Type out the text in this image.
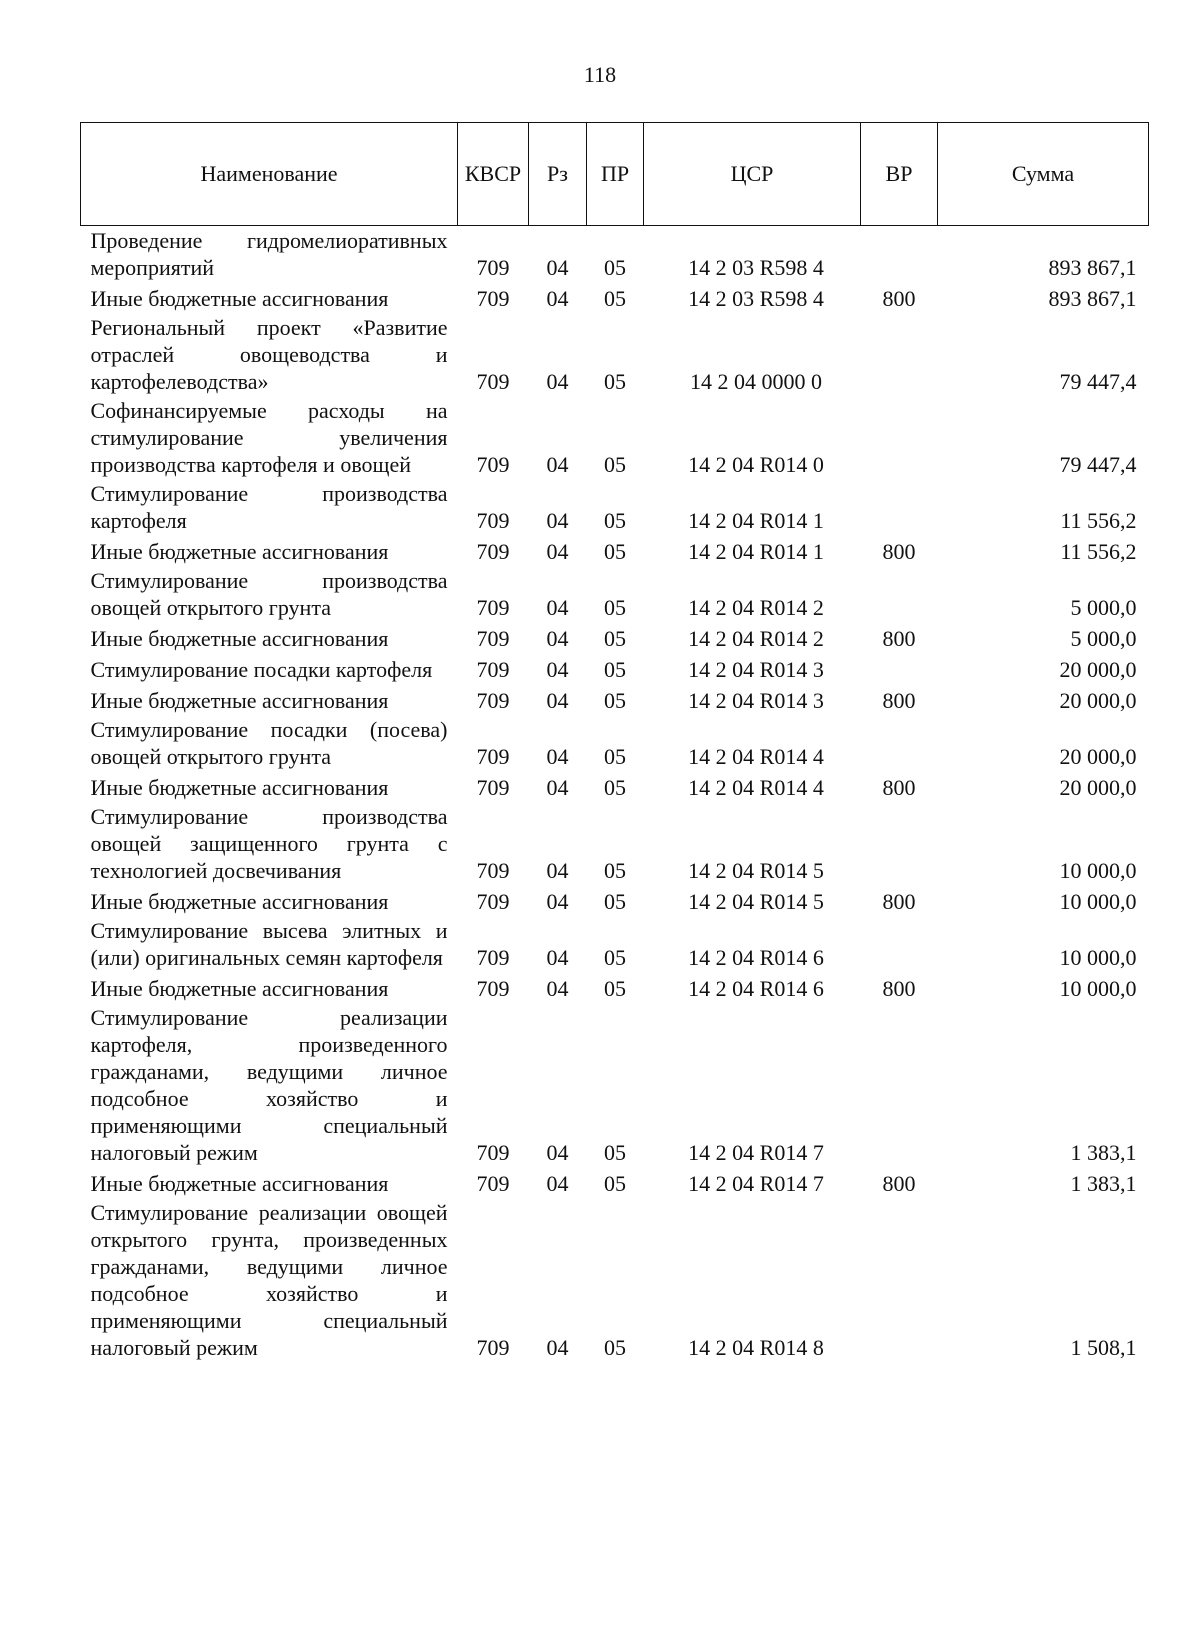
118
Наименование	КВСР	Рз	ПР	ЦСР	ВР	Сумма
Проведение гидромелиоративных мероприятий	709	04	05	14 2 03 R598 4		893 867,1
Иные бюджетные ассигнования	709	04	05	14 2 03 R598 4	800	893 867,1
Региональный проект «Развитие отраслей овощеводства и картофелеводства»	709	04	05	14 2 04 0000 0		79 447,4
Софинансируемые расходы на стимулирование увеличения производства картофеля и овощей	709	04	05	14 2 04 R014 0		79 447,4
Стимулирование производства картофеля	709	04	05	14 2 04 R014 1		11 556,2
Иные бюджетные ассигнования	709	04	05	14 2 04 R014 1	800	11 556,2
Стимулирование производства овощей открытого грунта	709	04	05	14 2 04 R014 2		5 000,0
Иные бюджетные ассигнования	709	04	05	14 2 04 R014 2	800	5 000,0
Стимулирование посадки картофеля	709	04	05	14 2 04 R014 3		20 000,0
Иные бюджетные ассигнования	709	04	05	14 2 04 R014 3	800	20 000,0
Стимулирование посадки (посева) овощей открытого грунта	709	04	05	14 2 04 R014 4		20 000,0
Иные бюджетные ассигнования	709	04	05	14 2 04 R014 4	800	20 000,0
Стимулирование производства овощей защищенного грунта с технологией досвечивания	709	04	05	14 2 04 R014 5		10 000,0
Иные бюджетные ассигнования	709	04	05	14 2 04 R014 5	800	10 000,0
Стимулирование высева элитных и (или) оригинальных семян картофеля	709	04	05	14 2 04 R014 6		10 000,0
Иные бюджетные ассигнования	709	04	05	14 2 04 R014 6	800	10 000,0
Стимулирование реализации картофеля, произведенного гражданами, ведущими личное подсобное хозяйство и применяющими специальный налоговый режим	709	04	05	14 2 04 R014 7		1 383,1
Иные бюджетные ассигнования	709	04	05	14 2 04 R014 7	800	1 383,1
Стимулирование реализации овощей открытого грунта, произведенных гражданами, ведущими личное подсобное хозяйство и применяющими специальный налоговый режим	709	04	05	14 2 04 R014 8		1 508,1
